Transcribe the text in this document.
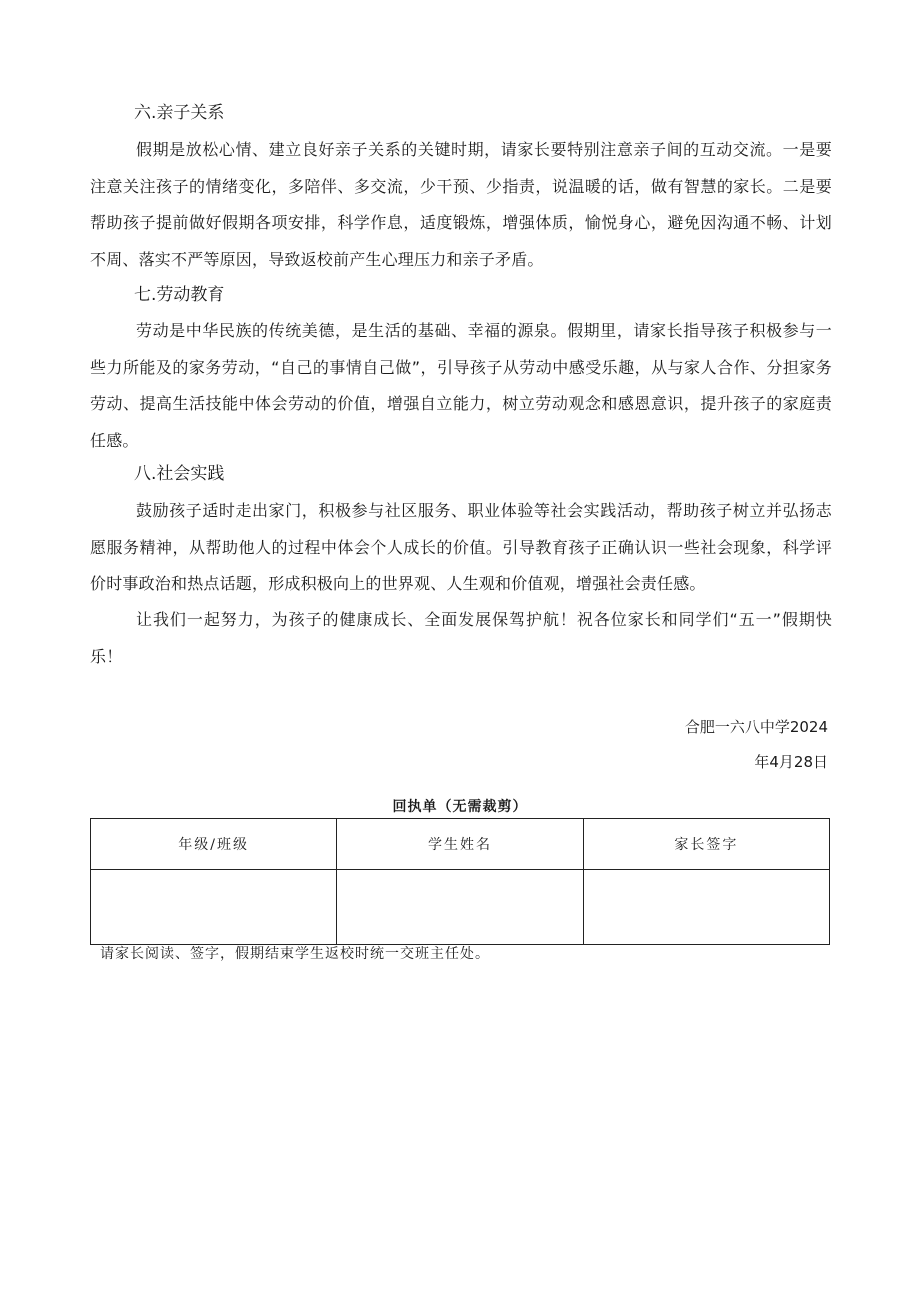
六.亲子关系

假期是放松心情、建立良好亲子关系的关键时期，请家长要特别注意亲子间的互动交流。一是要注意关注孩子的情绪变化，多陪伴、多交流，少干预、少指责，说温暖的话，做有智慧的家长。二是要帮助孩子提前做好假期各项安排，科学作息，适度锻炼，增强体质，愉悦身心，避免因沟通不畅、计划不周、落实不严等原因，导致返校前产生心理压力和亲子矛盾。

七.劳动教育

劳动是中华民族的传统美德，是生活的基础、幸福的源泉。假期里，请家长指导孩子积极参与一些力所能及的家务劳动，“自己的事情自己做”，引导孩子从劳动中感受乐趣，从与家人合作、分担家务劳动、提高生活技能中体会劳动的价值，增强自立能力，树立劳动观念和感恩意识，提升孩子的家庭责任感。

八.社会实践

鼓励孩子适时走出家门，积极参与社区服务、职业体验等社会实践活动，帮助孩子树立并弘扬志愿服务精神，从帮助他人的过程中体会个人成长的价值。引导教育孩子正确认识一些社会现象，科学评价时事政治和热点话题，形成积极向上的世界观、人生观和价值观，增强社会责任感。

让我们一起努力，为孩子的健康成长、全面发展保驾护航！祝各位家长和同学们“五一”假期快乐！

合肥一六八中学2024
年4月28日
回执单（无需裁剪）
年级/班级	学生姓名	家长签字

请家长阅读、签字，假期结束学生返校时统一交班主任处。
